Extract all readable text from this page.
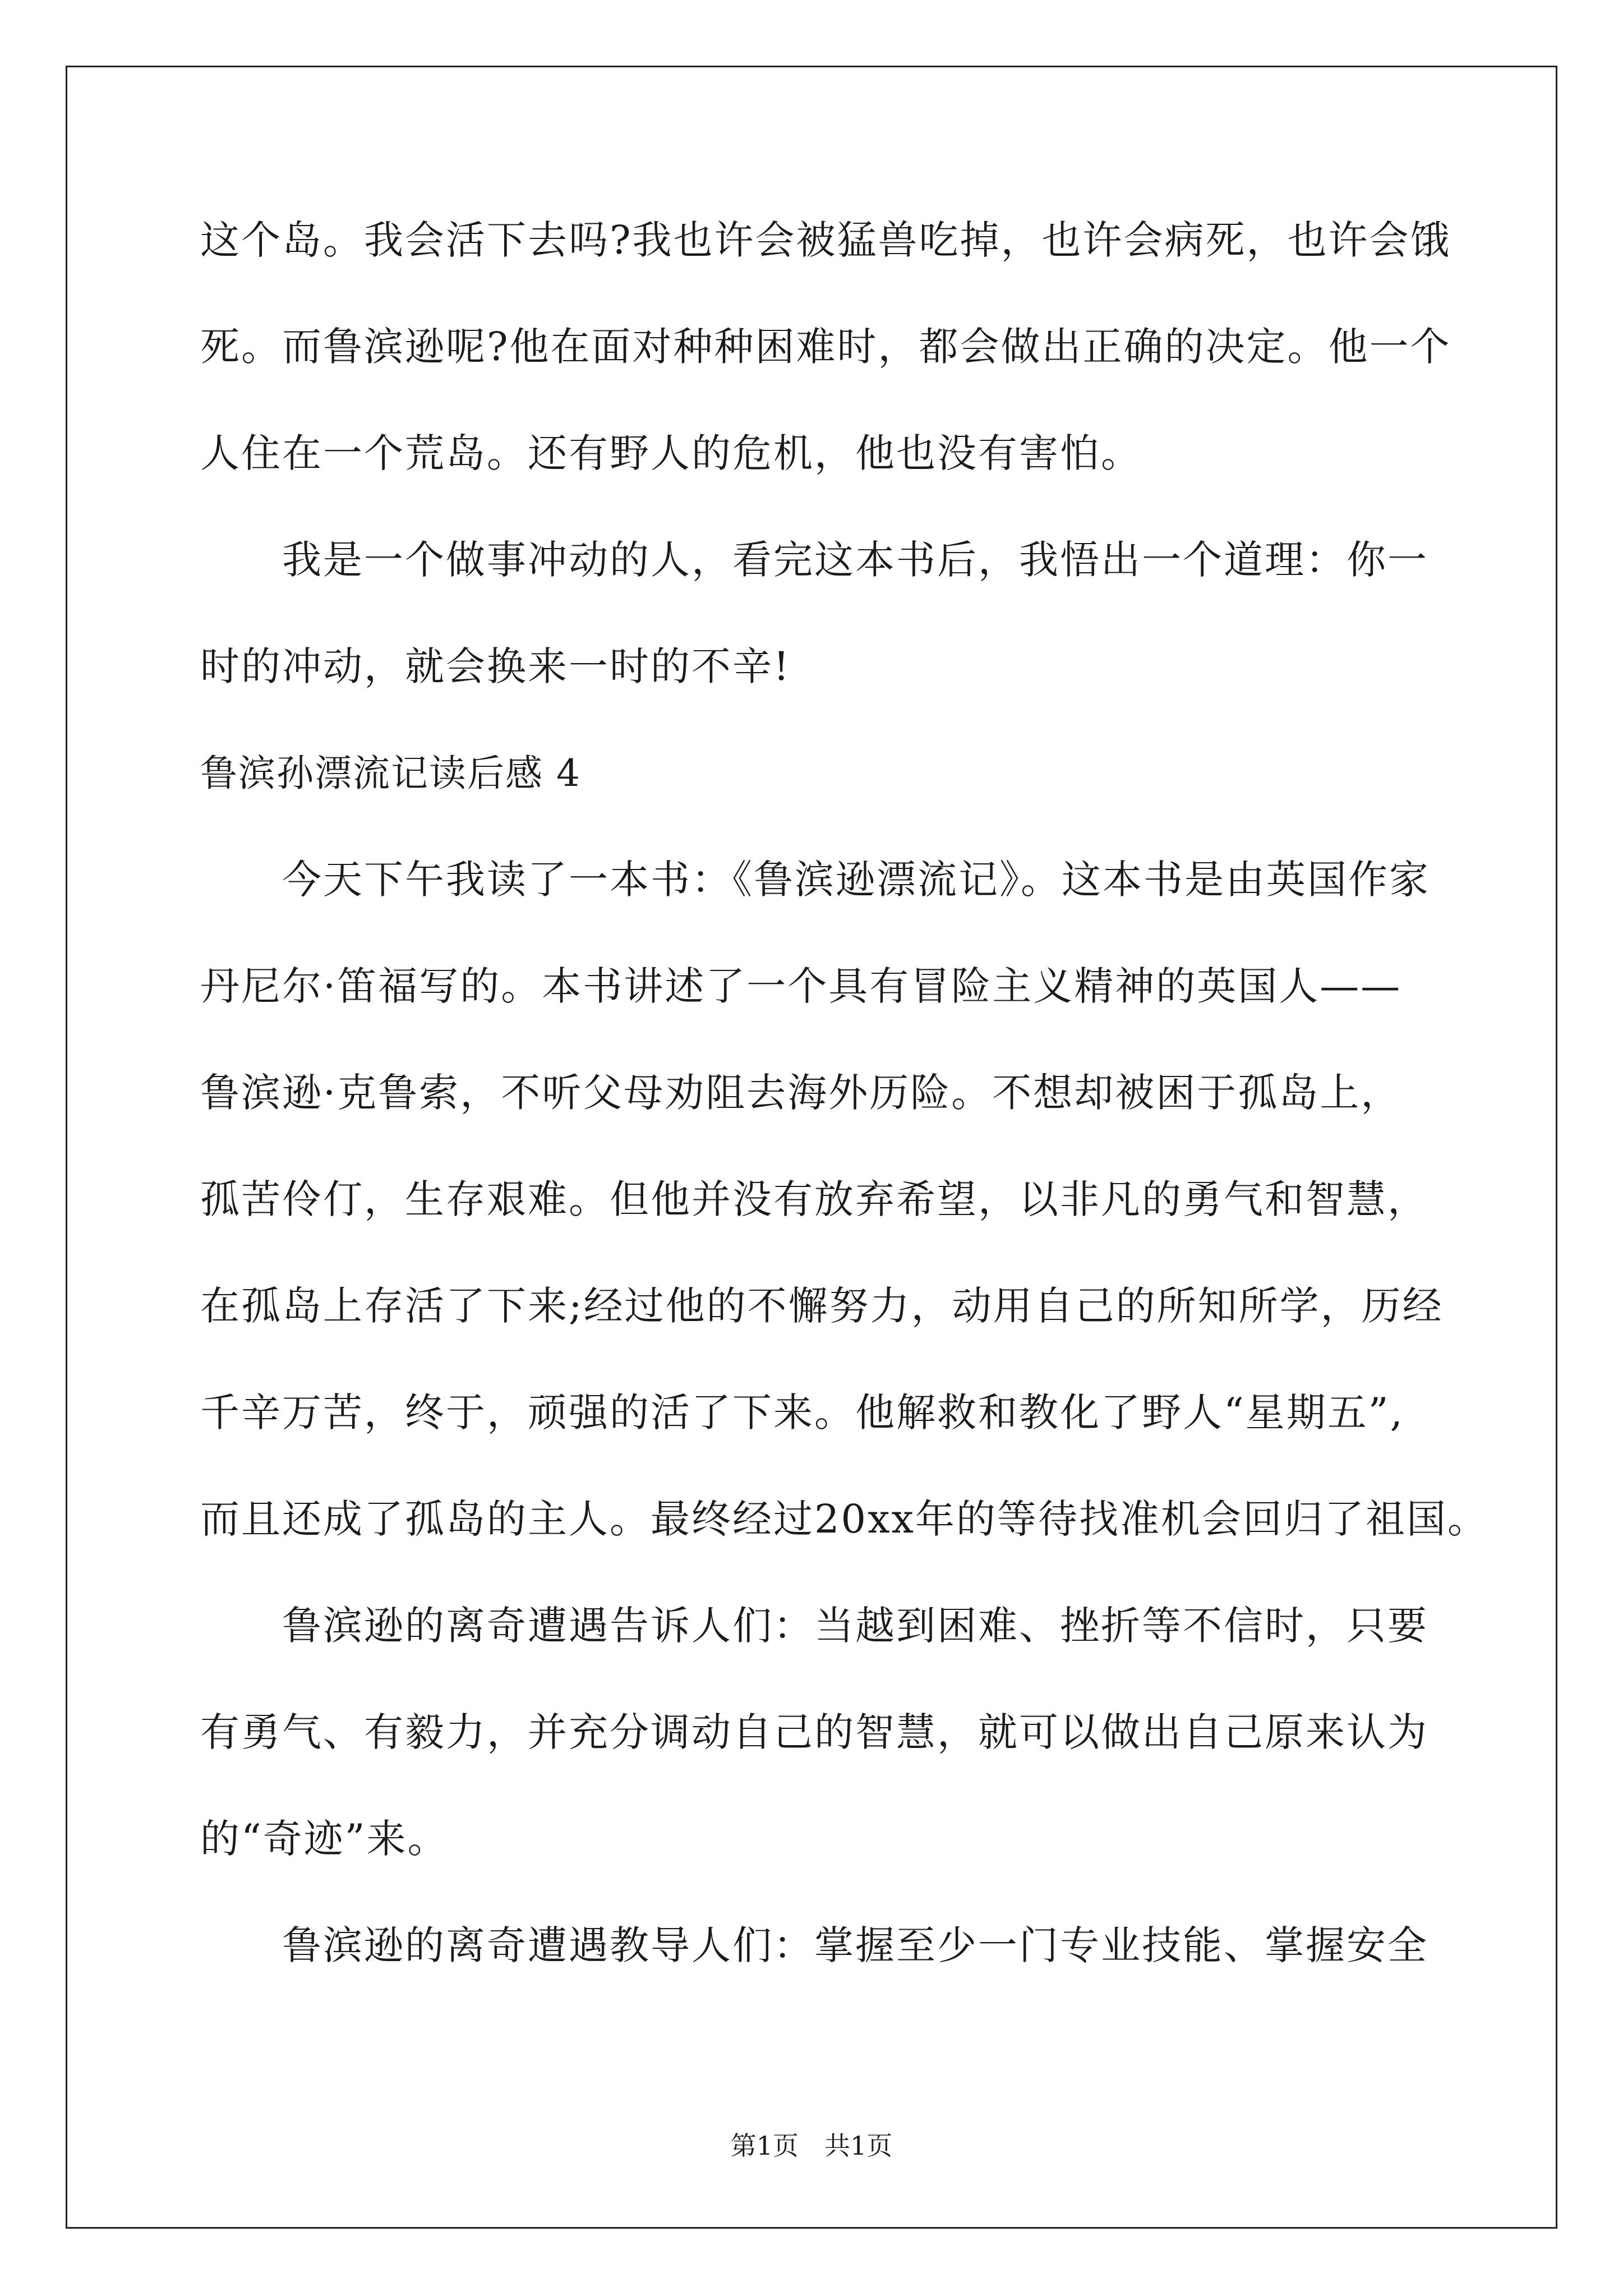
这个岛。我会活下去吗?我也许会被猛兽吃掉，也许会病死，也许会饿
死。而鲁滨逊呢?他在面对种种困难时，都会做出正确的决定。他一个
人住在一个荒岛。还有野人的危机，他也没有害怕。
　　我是一个做事冲动的人，看完这本书后，我悟出一个道理：你一
时的冲动，就会换来一时的不辛!
鲁滨孙漂流记读后感 4
　　今天下午我读了一本书：《鲁滨逊漂流记》。这本书是由英国作家
丹尼尔·笛福写的。本书讲述了一个具有冒险主义精神的英国人——
鲁滨逊·克鲁索，不听父母劝阻去海外历险。不想却被困于孤岛上，
孤苦伶仃，生存艰难。但他并没有放弃希望，以非凡的勇气和智慧，
在孤岛上存活了下来;经过他的不懈努力，动用自己的所知所学，历经
千辛万苦，终于，顽强的活了下来。他解救和教化了野人“星期五”,
而且还成了孤岛的主人。最终经过20xx年的等待找准机会回归了祖国。
　　鲁滨逊的离奇遭遇告诉人们：当越到困难、挫折等不信时，只要
有勇气、有毅力，并充分调动自己的智慧，就可以做出自己原来认为
的“奇迹”来。
　　鲁滨逊的离奇遭遇教导人们：掌握至少一门专业技能、掌握安全
第1页　共1页
